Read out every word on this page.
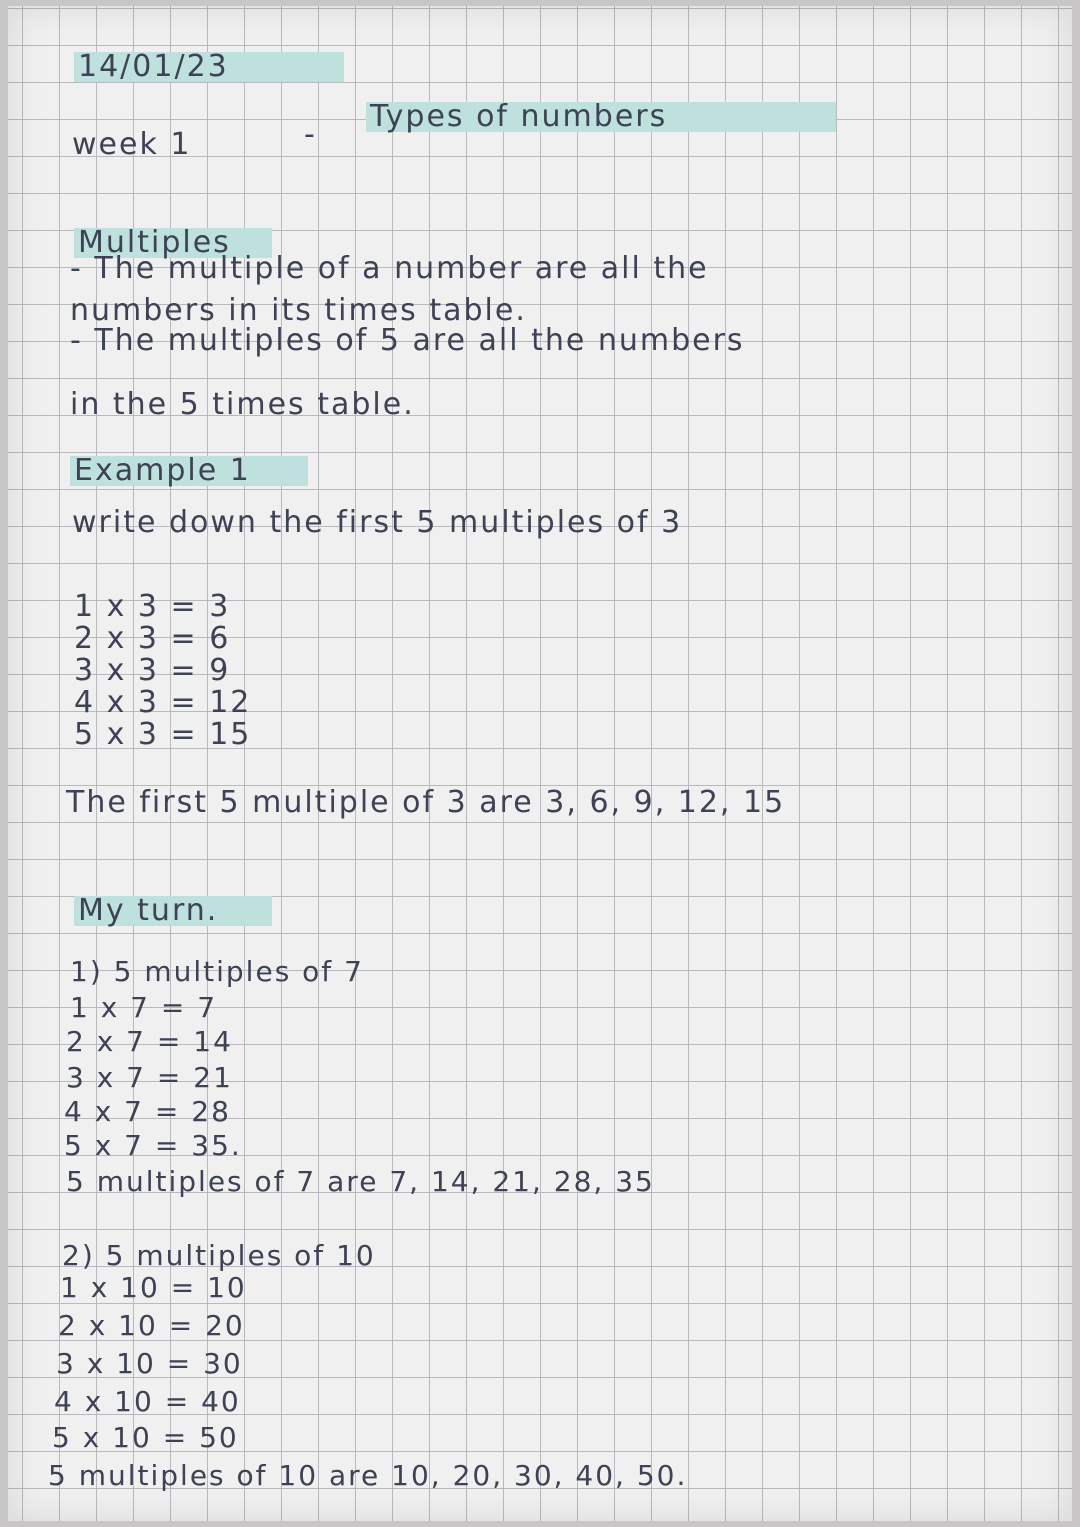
14/01/23
week 1	-
Types of numbers
Multiples
- The multiple of a number are all the
numbers in its times table.
- The multiples of 5 are all the numbers
in the 5 times table.
Example 1
write down the first 5 multiples of 3
1 x 3 = 3
2 x 3 = 6
3 x 3 = 9
4 x 3 = 12
5 x 3 = 15
The first 5 multiple of 3 are 3, 6, 9, 12, 15
My turn.
1) 5 multiples of 7
1 x 7 = 7
2 x 7 = 14
3 x 7 = 21
4 x 7 = 28
5 x 7 = 35.
5 multiples of 7 are 7, 14, 21, 28, 35
2) 5 multiples of 10
1 x 10 = 10
2 x 10 = 20
3 x 10 = 30
4 x 10 = 40
5 x 10 = 50
5 multiples of 10 are 10, 20, 30, 40, 50.
